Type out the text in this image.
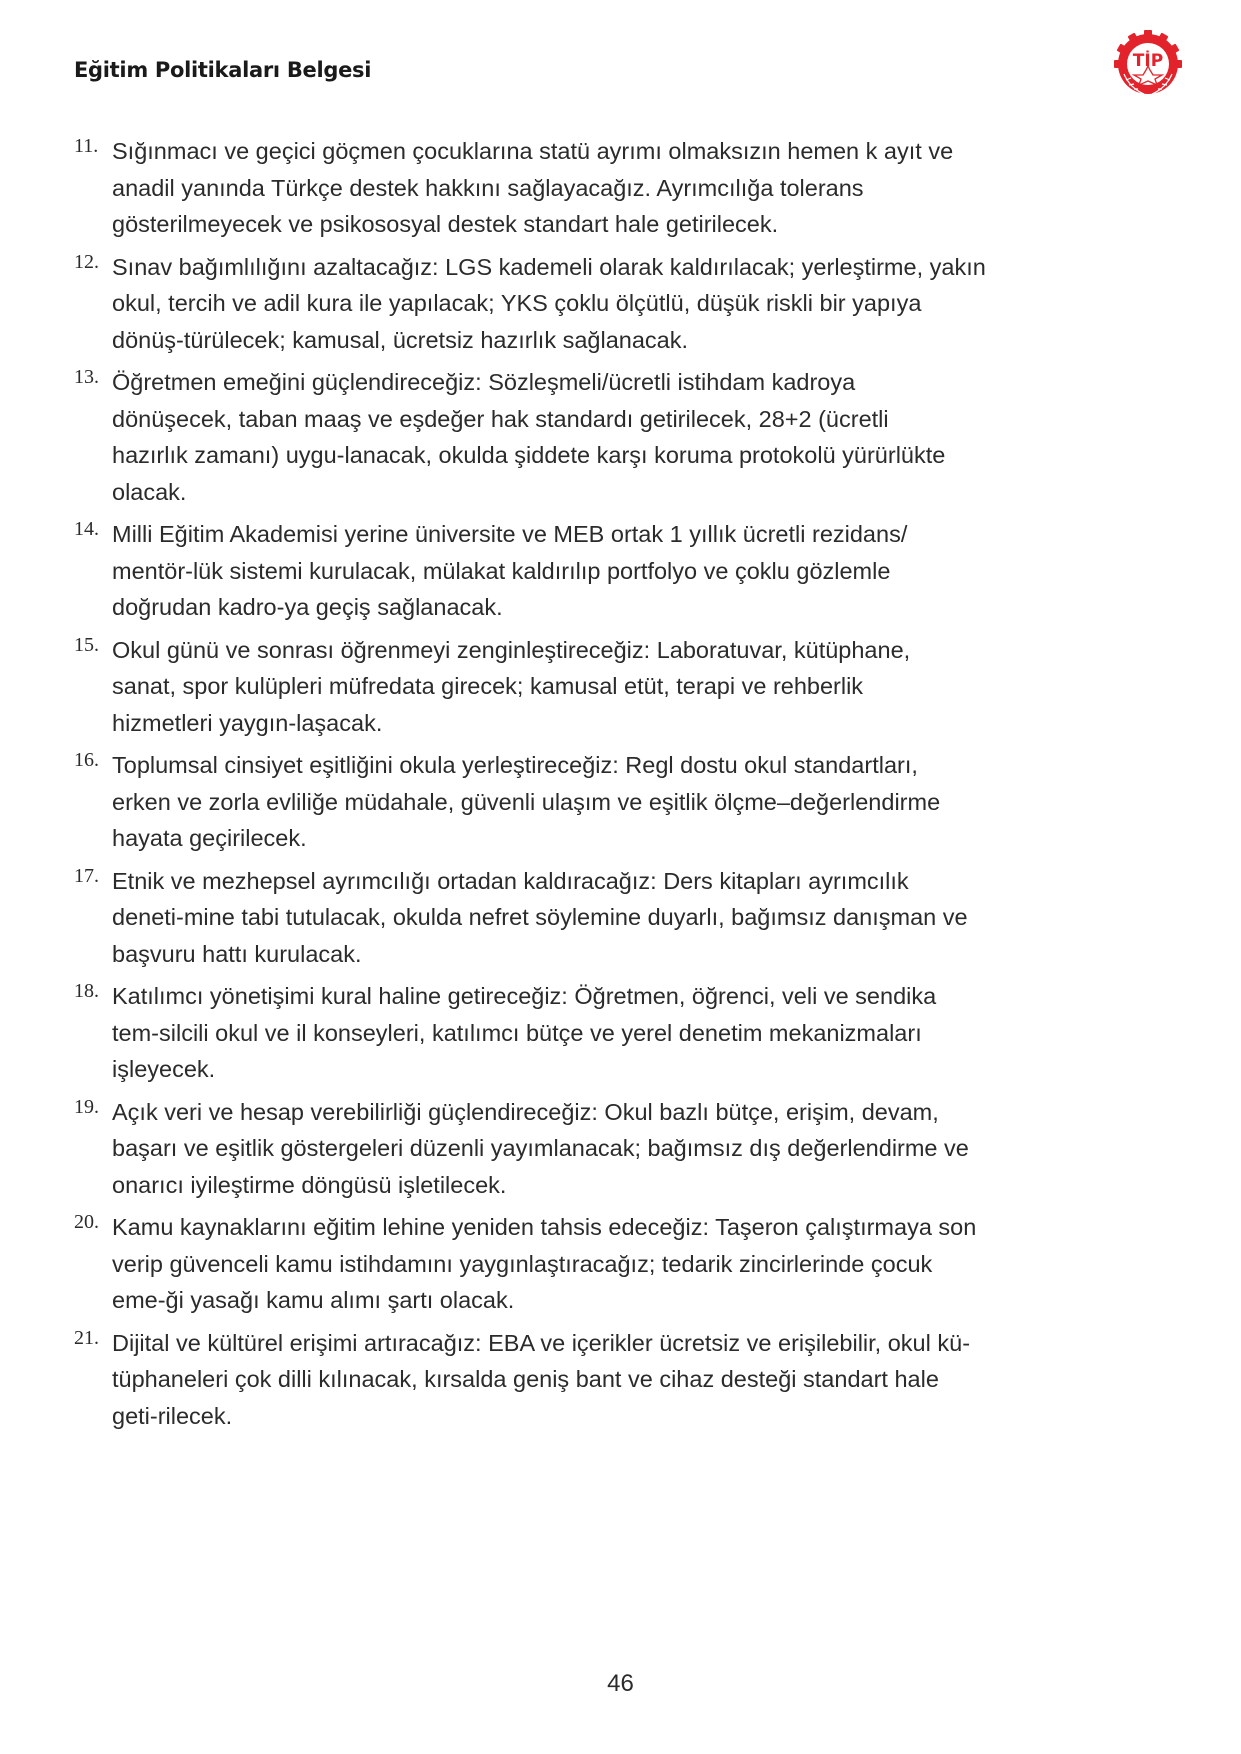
Eğitim Politikaları Belgesi	TİP
11. Sığınmacı ve geçici göçmen çocuklarına statü ayrımı olmaksızın hemen k ayıt ve
anadil yanında Türkçe destek hakkını sağlayacağız. Ayrımcılığa tolerans
gösterilmeyecek ve psikososyal destek standart hale getirilecek.
12. Sınav bağımlılığını azaltacağız: LGS kademeli olarak kaldırılacak; yerleştirme, yakın
okul, tercih ve adil kura ile yapılacak; YKS çoklu ölçütlü, düşük riskli bir yapıya
dönüş-türülecek; kamusal, ücretsiz hazırlık sağlanacak.
13. Öğretmen emeğini güçlendireceğiz: Sözleşmeli/ücretli istihdam kadroya
dönüşecek, taban maaş ve eşdeğer hak standardı getirilecek, 28+2 (ücretli
hazırlık zamanı) uygu-lanacak, okulda şiddete karşı koruma protokolü yürürlükte
olacak.
14. Milli Eğitim Akademisi yerine üniversite ve MEB ortak 1 yıllık ücretli rezidans/
mentör-lük sistemi kurulacak, mülakat kaldırılıp portfolyo ve çoklu gözlemle
doğrudan kadro-ya geçiş sağlanacak.
15. Okul günü ve sonrası öğrenmeyi zenginleştireceğiz: Laboratuvar, kütüphane,
sanat, spor kulüpleri müfredata girecek; kamusal etüt, terapi ve rehberlik
hizmetleri yaygın-laşacak.
16. Toplumsal cinsiyet eşitliğini okula yerleştireceğiz: Regl dostu okul standartları,
erken ve zorla evliliğe müdahale, güvenli ulaşım ve eşitlik ölçme–değerlendirme
hayata geçirilecek.
17. Etnik ve mezhepsel ayrımcılığı ortadan kaldıracağız: Ders kitapları ayrımcılık
deneti-mine tabi tutulacak, okulda nefret söylemine duyarlı, bağımsız danışman ve
başvuru hattı kurulacak.
18. Katılımcı yönetişimi kural haline getireceğiz: Öğretmen, öğrenci, veli ve sendika
tem-silcili okul ve il konseyleri, katılımcı bütçe ve yerel denetim mekanizmaları
işleyecek.
19. Açık veri ve hesap verebilirliği güçlendireceğiz: Okul bazlı bütçe, erişim, devam,
başarı ve eşitlik göstergeleri düzenli yayımlanacak; bağımsız dış değerlendirme ve
onarıcı iyileştirme döngüsü işletilecek.
20. Kamu kaynaklarını eğitim lehine yeniden tahsis edeceğiz: Taşeron çalıştırmaya son
verip güvenceli kamu istihdamını yaygınlaştıracağız; tedarik zincirlerinde çocuk
eme-ği yasağı kamu alımı şartı olacak.
21. Dijital ve kültürel erişimi artıracağız: EBA ve içerikler ücretsiz ve erişilebilir, okul kü-
tüphaneleri çok dilli kılınacak, kırsalda geniş bant ve cihaz desteği standart hale
geti-rilecek.
46
